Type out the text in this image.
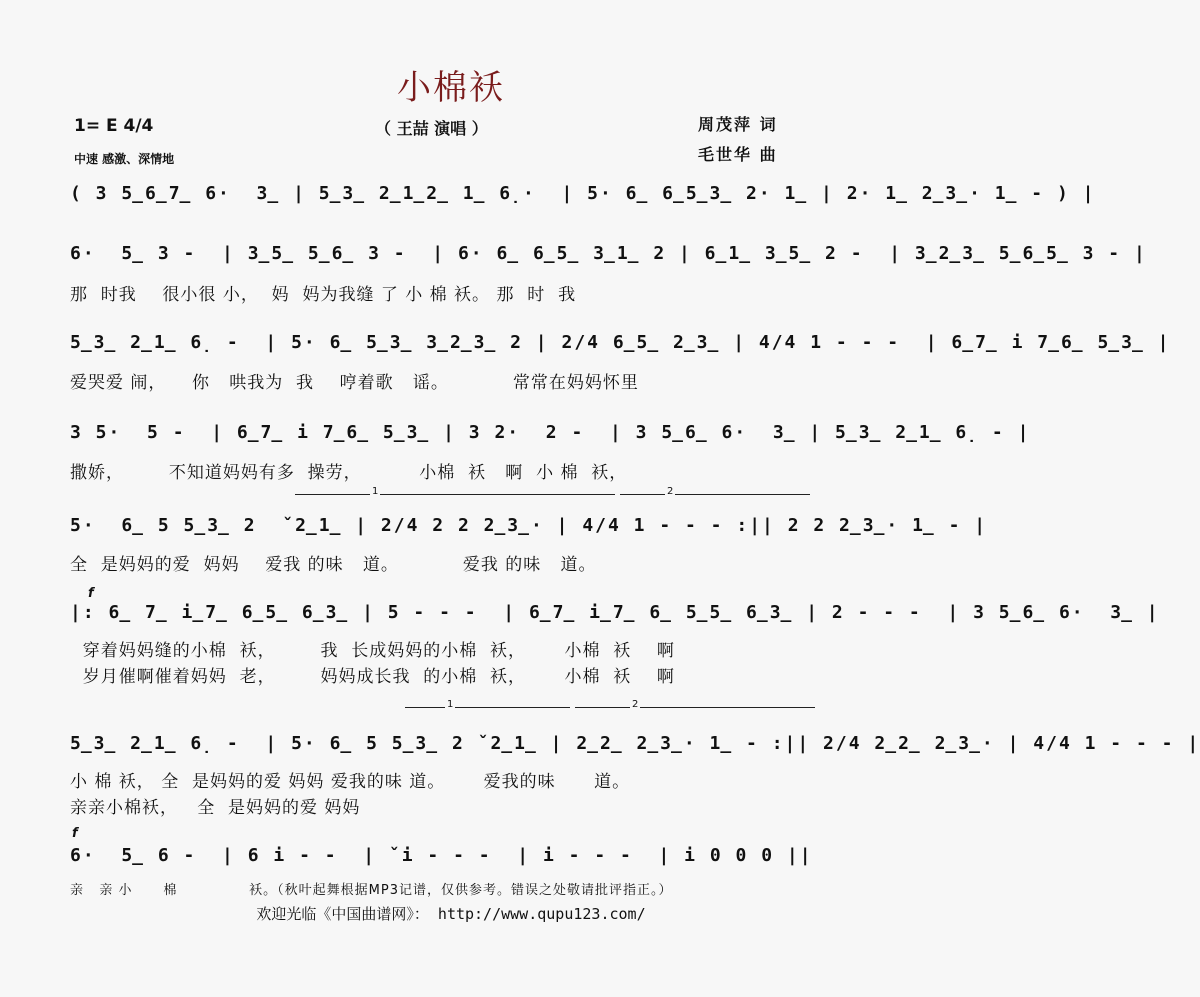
小棉袄
（ 王喆 演唱 ）
1= E 4/4
中速 感激、深情地
周茂萍 词
毛世华 曲
( 3 5̲6̲7̲ 6·  3̲ | 5̲3̲ 2̲1̲2̲ 1̲ 6̣·  | 5· 6̲ 6̲5̲3̲ 2· 1̲ | 2· 1̲ 2̲3̲· 1̲ - ) |
6·  5̲ 3 -  | 3̲5̲ 5̲6̲ 3 -  | 6· 6̲ 6̲5̲ 3̲1̲ 2 | 6̲1̲ 3̲5̲ 2 -  | 3̲2̲3̲ 5̲6̲5̲ 3 - |
那  时我    很小很 小，  妈  妈为我缝 了 小 棉 袄。 那  时  我
5̲3̲ 2̲1̲ 6̣ -  | 5· 6̲ 5̲3̲ 3̲2̲3̲ 2 | 2/4 6̲5̲ 2̲3̲ | 4/4 1 - - -  | 6̲7̲ i 7̲6̲ 5̲3̲ |
爱哭爱 闹，    你   哄我为  我    哼着歌   谣。          常常在妈妈怀里
3 5·  5 -  | 6̲7̲ i 7̲6̲ 5̲3̲ | 3 2·  2 -  | 3 5̲6̲ 6·  3̲ | 5̲3̲ 2̲1̲ 6̣ - |
撒娇，       不知道妈妈有多  操劳，         小棉  袄   啊  小 棉  袄，
1	2
5·  6̲ 5 5̲3̲ 2  ˇ2̲1̲ | 2/4 2 2 2̲3̲· | 4/4 1 - - - :|| 2 2 2̲3̲· 1̲ - |
全  是妈妈的爱  妈妈    爱我 的味   道。          爱我 的味   道。
f
|: 6̲ 7̲ i̲7̲ 6̲5̲ 6̲3̲ | 5 - - -  | 6̲7̲ i̲7̲ 6̲ 5̲5̲ 6̲3̲ | 2 - - -  | 3 5̲6̲ 6·  3̲ |
穿着妈妈缝的小棉  袄，       我  长成妈妈的小棉  袄，      小棉  袄    啊
岁月催啊催着妈妈  老，       妈妈成长我  的小棉  袄，      小棉  袄    啊
1	2
5̲3̲ 2̲1̲ 6̣ -  | 5· 6̲ 5 5̲3̲ 2 ˇ2̲1̲ | 2̲2̲ 2̲3̲· 1̲ - :|| 2/4 2̲2̲ 2̲3̲· | 4/4 1 - - - |
小 棉 袄， 全  是妈妈的爱 妈妈 爱我的味 道。      爱我的味      道。
亲亲小棉袄，   全  是妈妈的爱 妈妈
f
6·  5̲ 6 -  | 6 i - -  | ˇi - - -  | i - - -  | i 0 0 0 ||
亲   亲 小      棉              袄。（秋叶起舞根据MP3记谱，仅供参考。错误之处敬请批评指正。）
欢迎光临《中国曲谱网》： http://www.qupu123.com/
